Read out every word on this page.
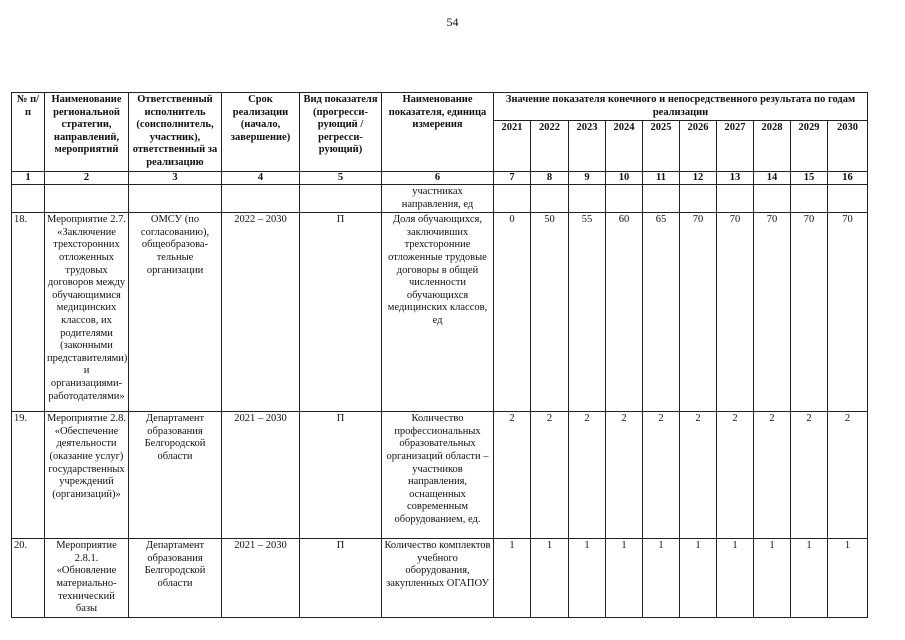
54
№ п/п	Наименование региональной стратегии, направлений, мероприятий	Ответственный исполнитель (соисполнитель, участник), ответственный за реализацию	Срок реализации (начало, завершение)	Вид показателя (прогресси-рующий / регресси-рующий)	Наименование показателя, единица измерения	Значение показателя конечного и непосредственного результата по годам реализации									
						2021	2022	2023	2024	2025	2026	2027	2028	2029	2030
1	2	3	4	5	6	7	8	9	10	11	12	13	14	15	16
					участниках направления, ед										
18.	Мероприятие 2.7. «Заключение трехсторонних отложенных трудовых договоров между обучающимися медицинских классов, их родителями (законными представителями) и организациями-работодателями»	ОМСУ (по согласованию), общеобразова-тельные организации	2022 – 2030	П	Доля обучающихся, заключивших трехсторонние отложенные трудовые договоры в общей численности обучающихся медицинских классов, ед	0	50	55	60	65	70	70	70	70	70
19.	Мероприятие 2.8. «Обеспечение деятельности (оказание услуг) государственных учреждений (организаций)»	Департамент образования Белгородской области	2021 – 2030	П	Количество профессиональных образовательных организаций области – участников направления, оснащенных современным оборудованием, ед.	2	2	2	2	2	2	2	2	2	2
20.	Мероприятие 2.8.1. «Обновление материально-технический базы	Департамент образования Белгородской области	2021 – 2030	П	Количество комплектов учебного оборудования, закупленных ОГАПОУ	1	1	1	1	1	1	1	1	1	1
